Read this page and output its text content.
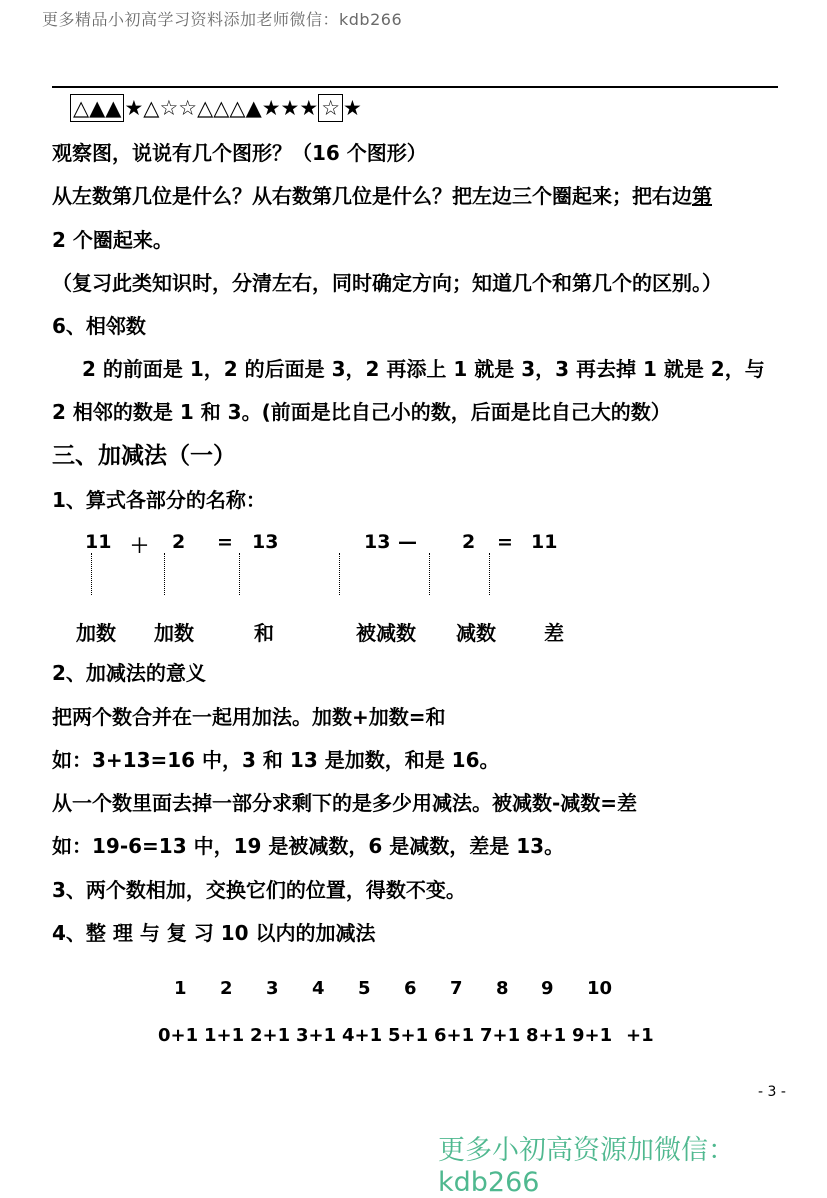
更多精品小初高学习资料添加老师微信：kdb266
△▲▲ ★ △ ☆ ☆ △ △ △ ▲ ★ ★ ★ ☆ ★
观察图，说说有几个图形？（16 个图形）
从左数第几位是什么？从右数第几位是什么？把左边三个圈起来；把右边第
2 个圈起来。
（复习此类知识时，分清左右，同时确定方向；知道几个和第几个的区别。）
6、相邻数
2 的前面是 1，2 的后面是 3，2 再添上 1 就是 3，3 再去掉 1 就是 2，与
2 相邻的数是 1 和 3。(前面是比自己小的数，后面是比自己大的数）
三、加减法（一）
1、算式各部分的名称：
11 ＋ 2 = 13	13 — 2 = 11
加数 加数	和	被减数 减数 差
2、加减法的意义
把两个数合并在一起用加法。加数+加数=和
如：3+13=16 中，3 和 13 是加数，和是 16。
从一个数里面去掉一部分求剩下的是多少用减法。被减数-减数=差
如：19-6=13 中，19 是被减数，6 是减数，差是 13。
3、两个数相加，交换它们的位置，得数不变。
4、整 理 与 复 习 10 以内的加减法
1 2 3 4 5 6 7 8 9 10
0+1 1+1 2+1 3+1 4+1 5+1 6+1 7+1 8+1 9+1 +1
- 3 -
更多小初高资源加微信：kdb266
